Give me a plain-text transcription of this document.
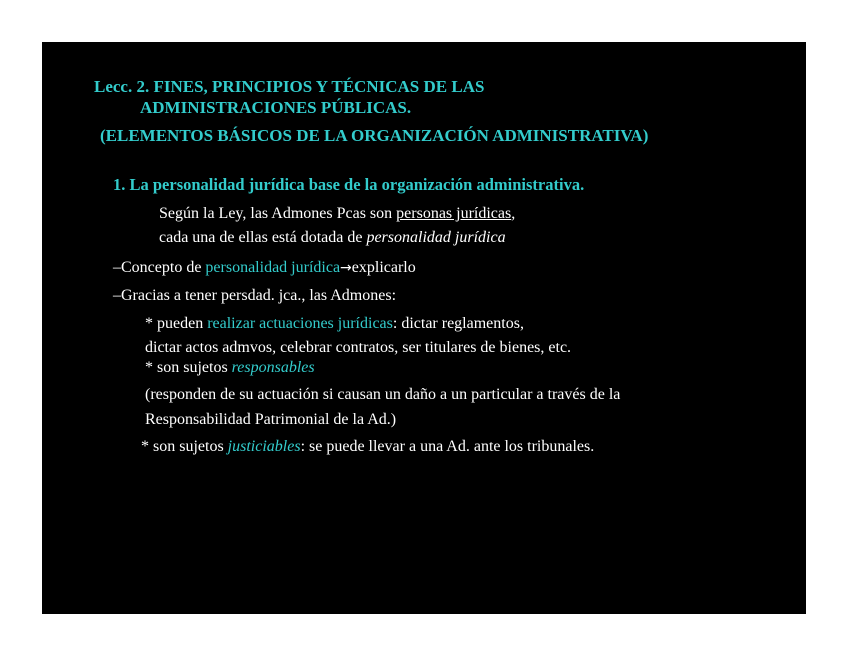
Lecc. 2. FINES, PRINCIPIOS Y TÉCNICAS DE LAS
ADMINISTRACIONES PÚBLICAS.
(ELEMENTOS BÁSICOS DE LA ORGANIZACIÓN ADMINISTRATIVA)
1. La personalidad jurídica base de la organización administrativa.
Según la Ley, las Admones Pcas son personas jurídicas,
cada una de ellas está dotada de personalidad jurídica
–Concepto de personalidad jurídica→explicarlo
–Gracias a tener persdad. jca., las Admones:
* pueden realizar actuaciones jurídicas: dictar reglamentos,
dictar actos admvos, celebrar contratos, ser titulares de bienes, etc.
* son sujetos responsables
(responden de su actuación si causan un daño a un particular a través de la
Responsabilidad Patrimonial de la Ad.)
* son sujetos justiciables: se puede llevar a una Ad. ante los tribunales.
